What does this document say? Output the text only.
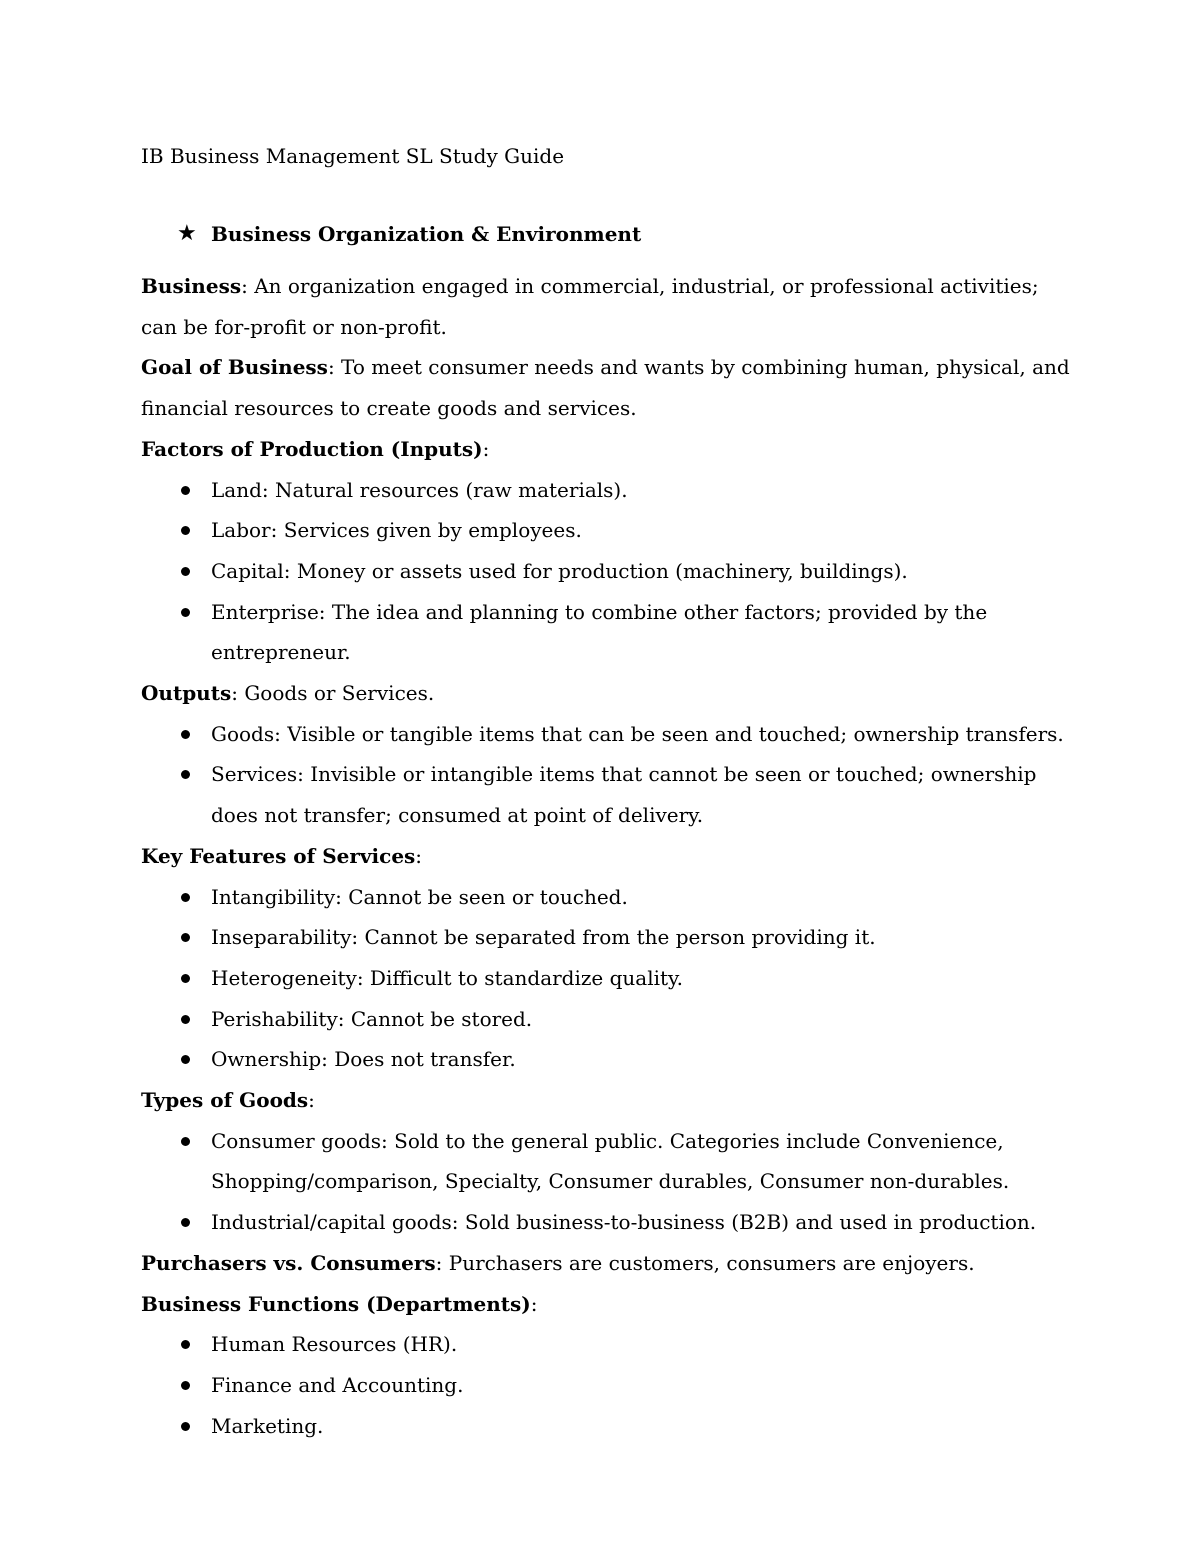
IB Business Management SL Study Guide

★ Business Organization & Environment

Business: An organization engaged in commercial, industrial, or professional activities; can be for-profit or non-profit.

Goal of Business: To meet consumer needs and wants by combining human, physical, and financial resources to create goods and services.

Factors of Production (Inputs):

Land: Natural resources (raw materials).
Labor: Services given by employees.
Capital: Money or assets used for production (machinery, buildings).
Enterprise: The idea and planning to combine other factors; provided by the entrepreneur.

Outputs: Goods or Services.

Goods: Visible or tangible items that can be seen and touched; ownership transfers.
Services: Invisible or intangible items that cannot be seen or touched; ownership does not transfer; consumed at point of delivery.

Key Features of Services:

Intangibility: Cannot be seen or touched.
Inseparability: Cannot be separated from the person providing it.
Heterogeneity: Difficult to standardize quality.
Perishability: Cannot be stored.
Ownership: Does not transfer.

Types of Goods:

Consumer goods: Sold to the general public. Categories include Convenience, Shopping/comparison, Specialty, Consumer durables, Consumer non-durables.
Industrial/capital goods: Sold business-to-business (B2B) and used in production.

Purchasers vs. Consumers: Purchasers are customers, consumers are enjoyers.

Business Functions (Departments):

Human Resources (HR).
Finance and Accounting.
Marketing.
